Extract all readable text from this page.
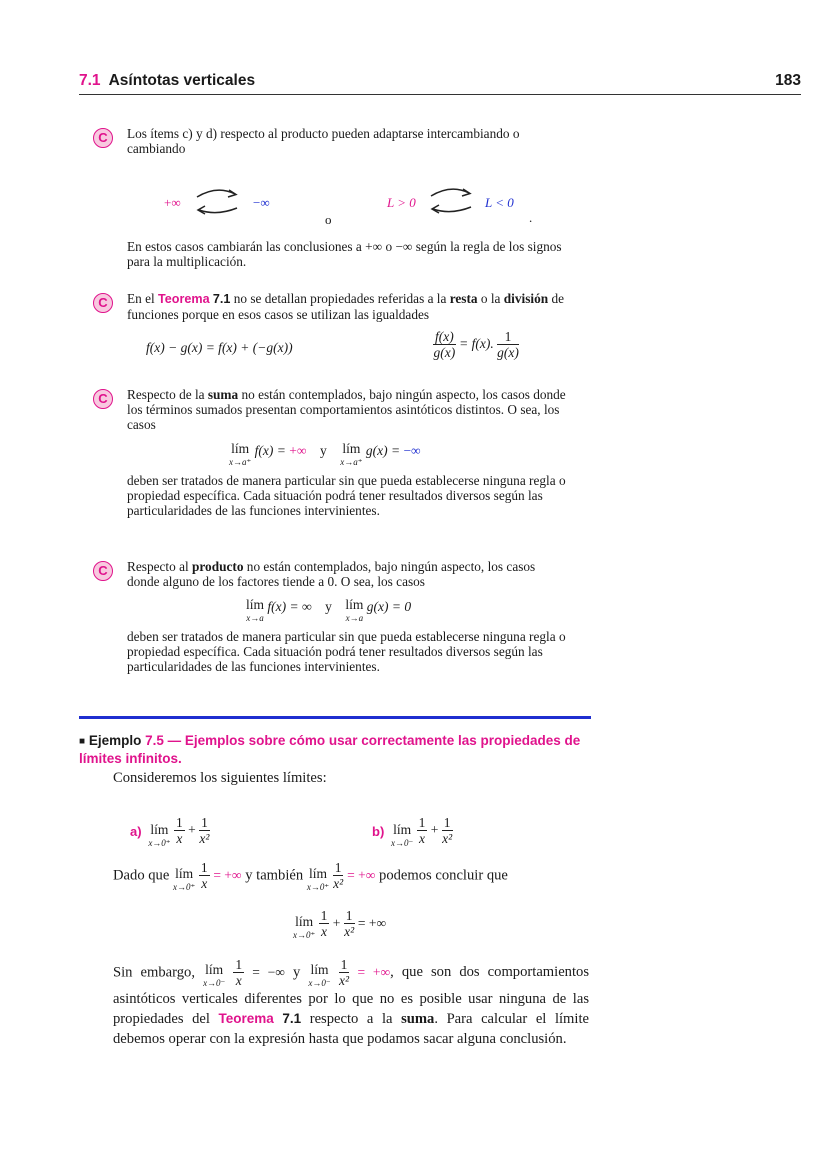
7.1 Asíntotas verticales	183
C	Los ítems c) y d) respecto al producto pueden adaptarse intercambiando o cambiando
+∞	−∞
o
L > 0	L < 0
.
En estos casos cambiarán las conclusiones a +∞ o −∞ según la regla de los signos para la multiplicación.
C	En el Teorema 7.1 no se detallan propiedades referidas a la resta o la división de funciones porque en esos casos se utilizan las igualdades
f(x) − g(x) = f(x) + (−g(x))	$\frac{f(x)}{g(x)} = f(x)$. $\frac{1}{g(x)}$
C	Respecto de la suma no están contemplados, bajo ningún aspecto, los casos donde los términos sumados presentan comportamientos asintóticos distintos. O sea, los casos
lím
x→a⁺
f(x) = +∞ y lím
x→a⁺
g(x) = −∞
deben ser tratados de manera particular sin que pueda establecerse ninguna regla o propiedad específica. Cada situación podrá tener resultados diversos según las particularidades de las funciones intervinientes.
C	Respecto al producto no están contemplados, bajo ningún aspecto, los casos donde alguno de los factores tiende a 0. O sea, los casos
lím
x→a
f(x) = ∞ y lím
x→a
g(x) = 0
deben ser tratados de manera particular sin que pueda establecerse ninguna regla o propiedad específica. Cada situación podrá tener resultados diversos según las particularidades de las funciones intervinientes.
■ Ejemplo 7.5 — Ejemplos sobre cómo usar correctamente las propiedades de límites infinitos.
Consideremos los siguientes límites:
a) lím
x→0⁺
$\frac{1}{x} + \frac{1}{\text{x²}}$	b) lím
x→0⁻
$\frac{1}{x} + \frac{1}{\text{x²}}$
Dado que lím
x→0⁺
$\frac{1}{x}$ = +∞ y también lím
x→0⁺
$\frac{1}{\text{x²}}$ = +∞ podemos concluir que
lím
x→0⁺
$\frac{1}{x} + \frac{1}{\text{x²}}$ = +∞
Sin embargo, lím
x→0⁻
$\frac{1}{x}$ = −∞ y lím
x→0⁻
$\frac{1}{\text{x²}}$ = +∞, que son dos comportamientos asintóticos verticales diferentes por lo que no es posible usar ninguna de las propiedades del Teorema 7.1 respecto a la suma. Para calcular el límite debemos operar con la expresión hasta que podamos sacar alguna conclusión.
